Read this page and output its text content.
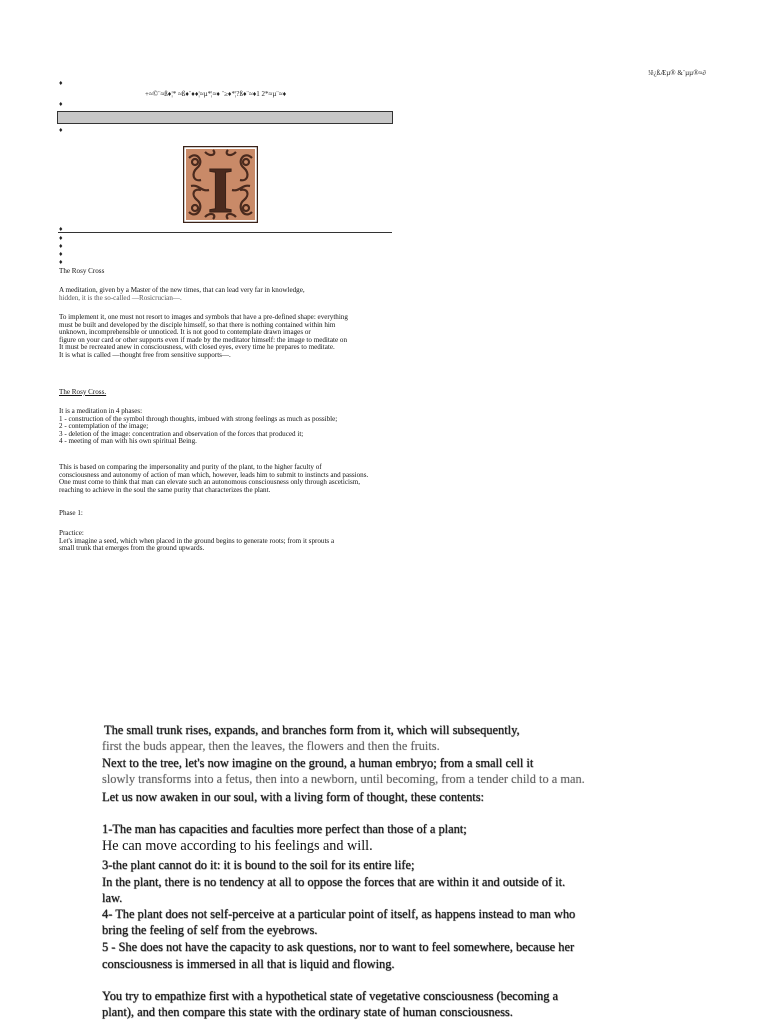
!ê¿ßÆµ® &¨µµ®≈∂
♦
+≈©¨≈ß♦¦* ≈ß♦¨♦♦¦≈µ*¦≈♦ ¨≥♦*¦?ß♦¨≈♦1 2*≈µ¨≈♦
♦
♦
I
♦
♦
♦
♦
♦
The Rosy Cross
A meditation, given by a Master of the new times, that can lead very far in knowledge,
hidden, it is the so-called —Rosicrucian—.
To implement it, one must not resort to images and symbols that have a pre-defined shape: everything
must be built and developed by the disciple himself, so that there is nothing contained within him
unknown, incomprehensible or unnoticed. It is not good to contemplate drawn images or
figure on your card or other supports even if made by the meditator himself: the image to meditate on
It must be recreated anew in consciousness, with closed eyes, every time he prepares to meditate.
It is what is called —thought free from sensitive supports—.
The Rosy Cross.
It is a meditation in 4 phases:
1 - construction of the symbol through thoughts, imbued with strong feelings as much as possible;
2 - contemplation of the image;
3 - deletion of the image: concentration and observation of the forces that produced it;
4 - meeting of man with his own spiritual Being.
This is based on comparing the impersonality and purity of the plant, to the higher faculty of
consciousness and autonomy of action of man which, however, leads him to submit to instincts and passions.
One must come to think that man can elevate such an autonomous consciousness only through asceticism,
reaching to achieve in the soul the same purity that characterizes the plant.
Phase 1:
Practice:
Let's imagine a seed, which when placed in the ground begins to generate roots; from it sprouts a
small trunk that emerges from the ground upwards.
The small trunk rises, expands, and branches form from it, which will subsequently,
first the buds appear, then the leaves, the flowers and then the fruits.
Next to the tree, let's now imagine on the ground, a human embryo; from a small cell it
slowly transforms into a fetus, then into a newborn, until becoming, from a tender child to a man.
Let us now awaken in our soul, with a living form of thought, these contents:
1-The man has capacities and faculties more perfect than those of a plant;
He can move according to his feelings and will.
3-the plant cannot do it: it is bound to the soil for its entire life;
In the plant, there is no tendency at all to oppose the forces that are within it and outside of it.
law.
4- The plant does not self-perceive at a particular point of itself, as happens instead to man who
bring the feeling of self from the eyebrows.
5 - She does not have the capacity to ask questions, nor to want to feel somewhere, because her
consciousness is immersed in all that is liquid and flowing.
You try to empathize first with a hypothetical state of vegetative consciousness (becoming a
plant), and then compare this state with the ordinary state of human consciousness.
